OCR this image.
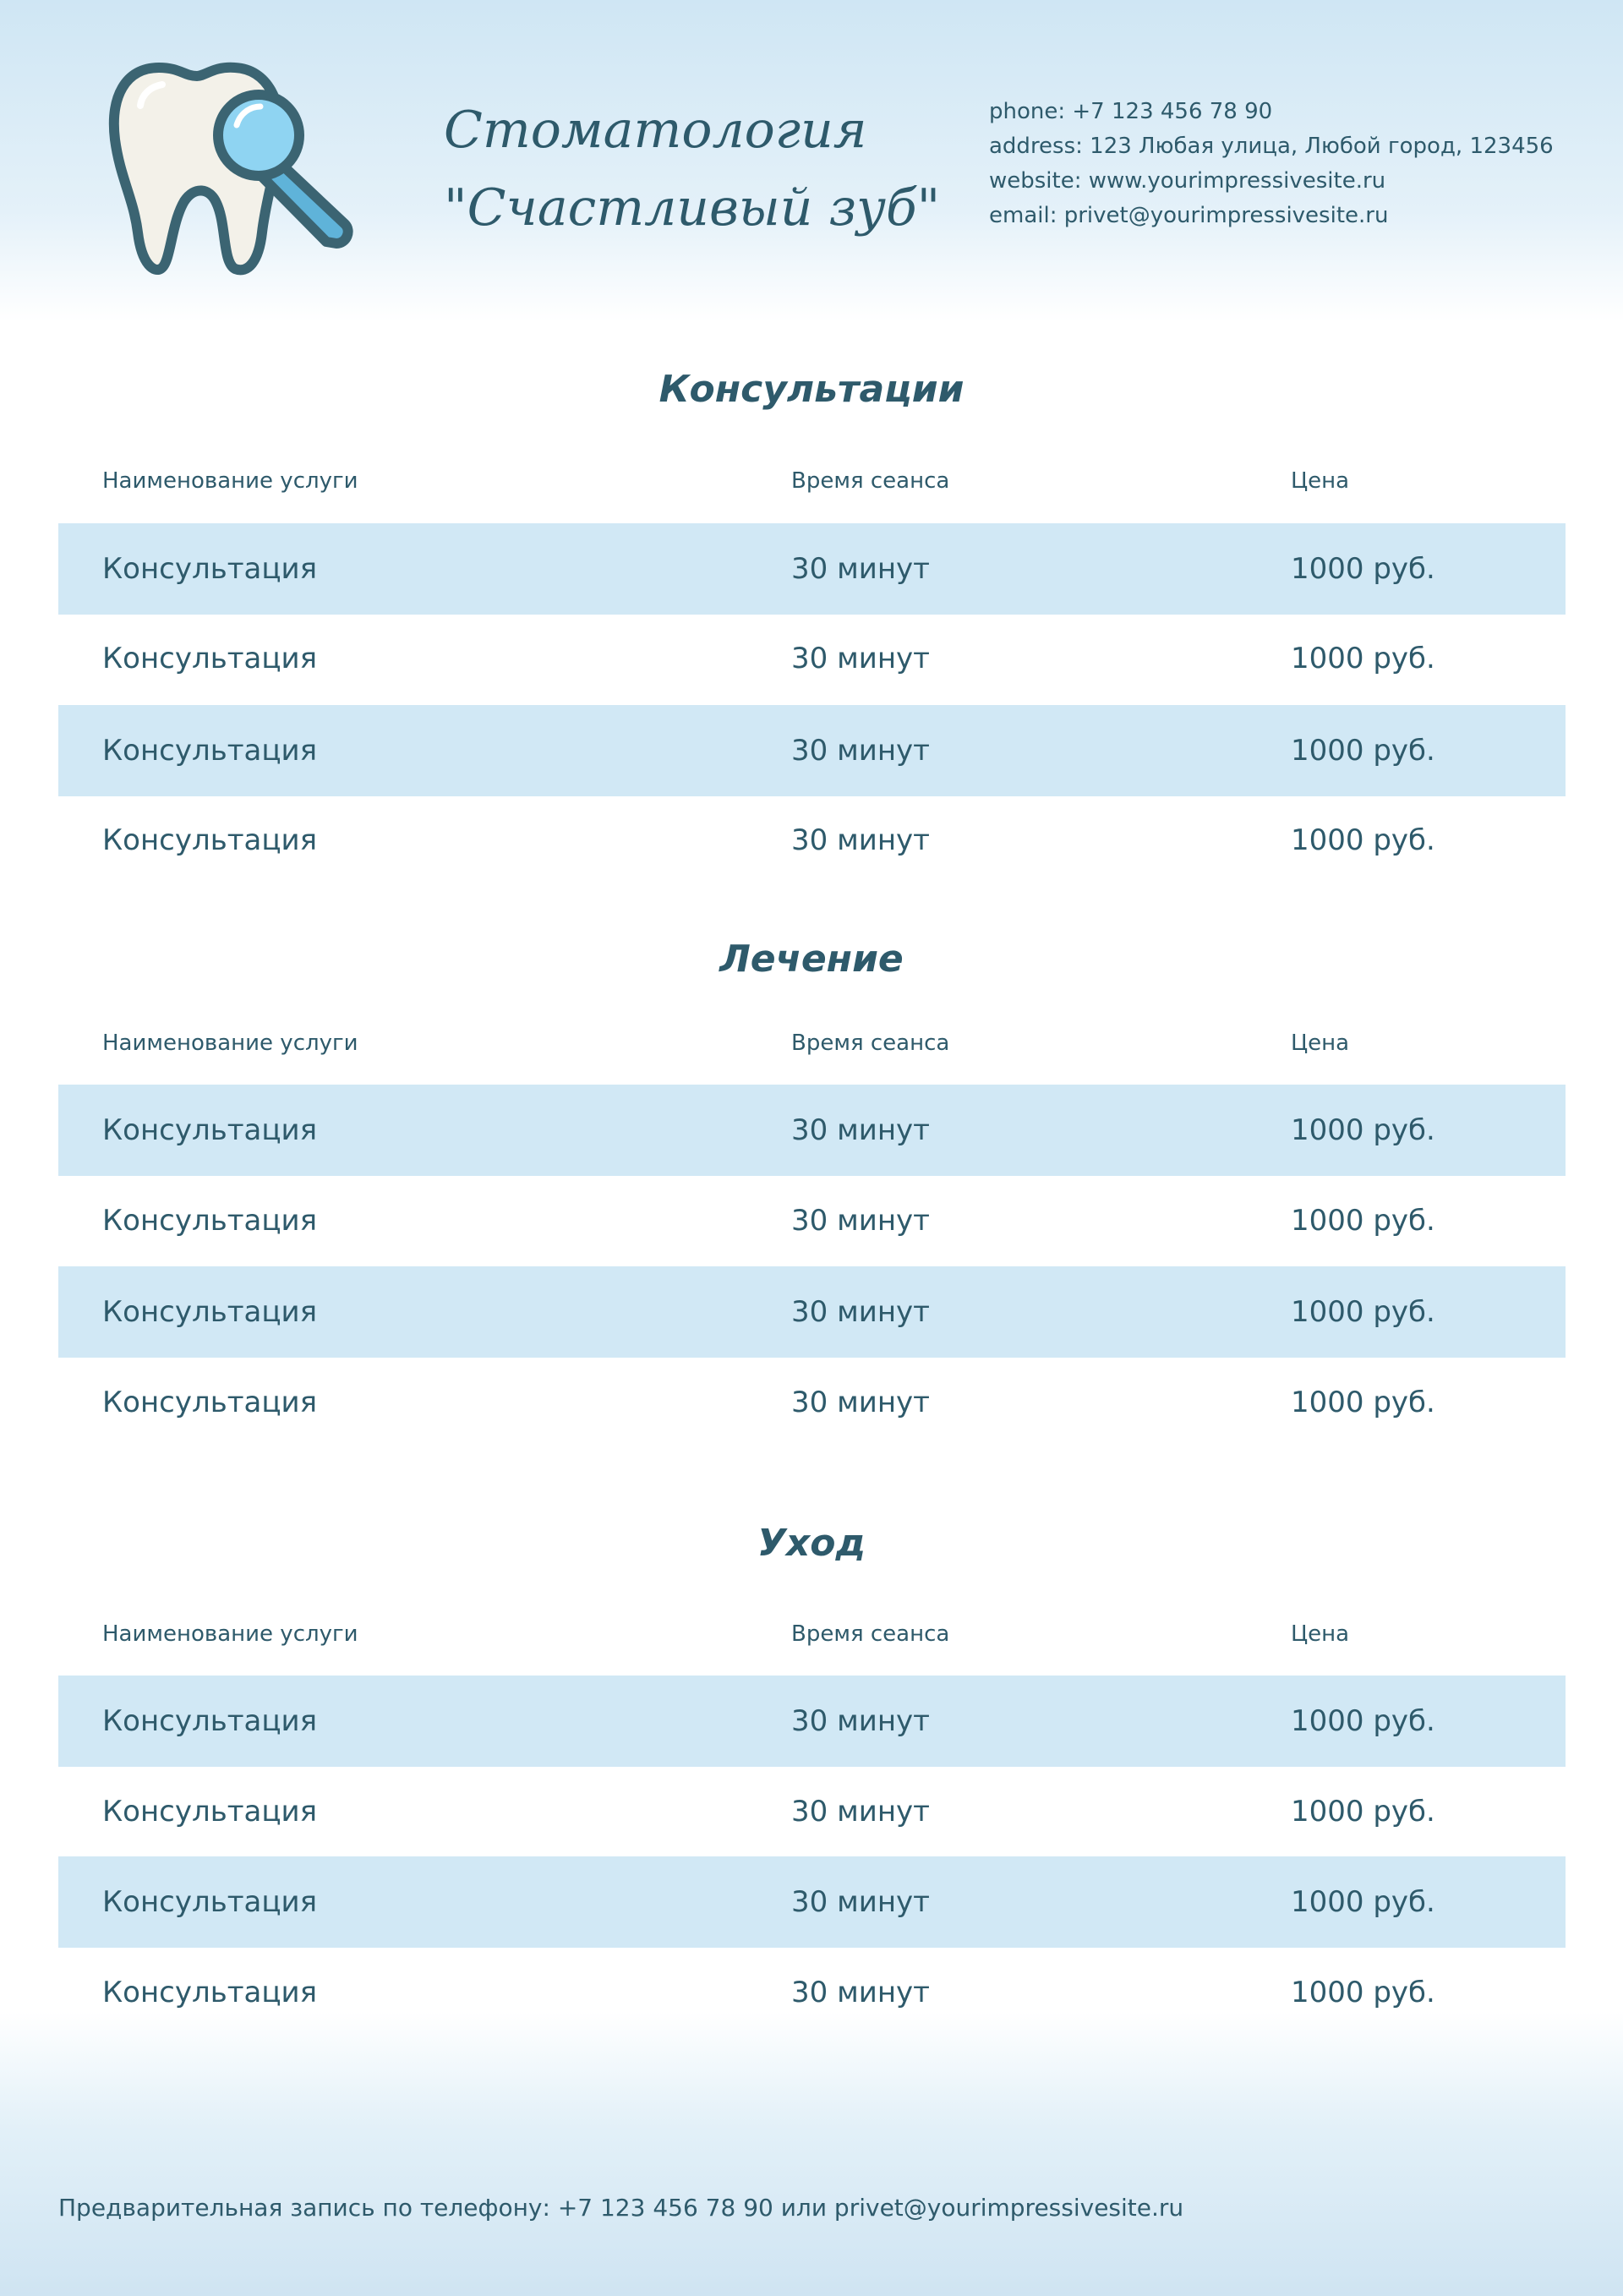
Стоматология
"Счастливый зуб"
phone: +7 123 456 78 90
address: 123 Любая улица, Любой город, 123456
website: www.yourimpressivesite.ru
email: privet@yourimpressivesite.ru
Консультации
Наименование услуги	Время сеанса	Цена
Консультация	30 минут	1000 руб.
Консультация	30 минут	1000 руб.
Консультация	30 минут	1000 руб.
Консультация	30 минут	1000 руб.
Лечение
Наименование услуги	Время сеанса	Цена
Консультация	30 минут	1000 руб.
Консультация	30 минут	1000 руб.
Консультация	30 минут	1000 руб.
Консультация	30 минут	1000 руб.
Уход
Наименование услуги	Время сеанса	Цена
Консультация	30 минут	1000 руб.
Консультация	30 минут	1000 руб.
Консультация	30 минут	1000 руб.
Консультация	30 минут	1000 руб.
Предварительная запись по телефону: +7 123 456 78 90 или privet@yourimpressivesite.ru
